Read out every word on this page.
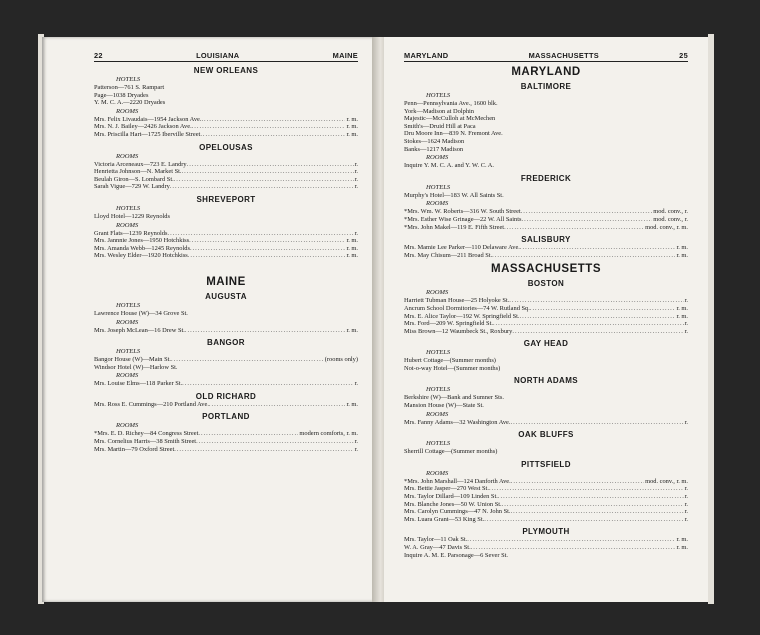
22	LOUISIANA	MAINE
NEW ORLEANS
HOTELS
Patterson—761 S. Rampart
Page—1038 Dryades
Y. M. C. A.—2220 Dryades
ROOMS
Mrs. Felix Livaudais—1954 Jackson Ave. .....	r. m.
Mrs. N. J. Bailey—2426 Jackson Ave. .....	r. m.
Mrs. Priscilla Hart—1725 Iberville Street .....	r. m.
OPELOUSAS
ROOMS
Victoria Arceneaux—723 E. Landry .....	r.
Henrietta Johnson—N. Market St. .....	r.
Beulah Giron—S. Lombard St. .....	r.
Sarah Vigue—729 W. Landry .....	r.
SHREVEPORT
HOTELS
Lloyd Hotel—1229 Reynolds
ROOMS
Grant Flats—1239 Reynolds .....	r.
Mrs. Jannnie Jones—1950 Hotchkiss .....	r. m.
Mrs. Amanda Webb—1245 Reynolds .....	r. m.
Mrs. Wesley Elder—1920 Hotchkiss .....	r. m.
MAINE
AUGUSTA
HOTELS
Lawrence House (W)—34 Grove St.
ROOMS
Mrs. Joseph McLean—16 Drew St. .....	r. m.
BANGOR
HOTELS
Bangor House (W)—Main St. .....	(rooms only)
Windsor Hotel (W)—Harlow St.
ROOMS
Mrs. Louise Elms—118 Parker St. .....	r.
OLD RICHARD
Mrs. Ross E. Cummings—210 Portland Ave. .....	r. m.
PORTLAND
ROOMS
*Mrs. E. D. Richey—84 Congress Street .....	modern comforts, r. m.
Mrs. Cornelius Harris—38 Smith Street .....	r.
Mrs. Martin—79 Oxford Street .....	r.
MARYLAND	MASSACHUSETTS	25
MARYLAND
BALTIMORE
HOTELS
Penn—Pennsylvania Ave., 1600 blk.
York—Madison at Dolphin
Majestic—McCulloh at McMechen
Smith's—Druid Hill at Paca
Dru Moore Inn—839 N. Fremont Ave.
Stokes—1624 Madison
Banks—1217 Madison
ROOMS
Inquire Y. M. C. A. and Y. W. C. A.
FREDERICK
HOTELS
Murphy's Hotel—183 W. All Saints St.
ROOMS
*Mrs. Wm. W. Roberts—316 W. South Street .....	mod. conv., r.
*Mrs. Esther Wise Grinage—22 W. All Saints .....	mod. conv., r.
*Mrs. John Makel—119 E. Fifth Street .....	mod. conv., r. m.
SALISBURY
Mrs. Mamie Lee Parker—110 Delaware Ave. .....	r. m.
Mrs. May Chisum—211 Broad St. .....	r. m.
MASSACHUSETTS
BOSTON
ROOMS
Harriett Tubman House—25 Holyoke St. .....	r.
Ancrum School Dormitories—74 W. Rutland Sq. .....	r. m.
Mrs. E. Alice Taylor—192 W. Springfield St. .....	r. m.
Mrs. Ford—209 W. Springfield St. .....	r.
Miss Brown—12 Waumbeck St., Roxbury .....	r.
GAY HEAD
HOTELS
Hubert Cottage—(Summer months)
Not-o-way Hotel—(Summer months)
NORTH ADAMS
HOTELS
Berkshire (W)—Bank and Sumner Sts.
Mansion House (W)—State St.
ROOMS
Mrs. Fanny Adams—32 Washington Ave. .....	r.
OAK BLUFFS
HOTELS
Sherrill Cottage—(Summer months)
PITTSFIELD
ROOMS
*Mrs. John Marshall—124 Danforth Ave. .....	mod. conv., r. m.
Mrs. Bettie Jasper—270 West St. .....	r.
Mrs. Taylor Dillard—109 Linden St. .....	r.
Mrs. Blanche Jones—50 W. Union St. .....	r.
Mrs. Carolyn Cummings—47 N. John St. .....	r.
Mrs. Luara Grant—53 King St. .....	r.
PLYMOUTH
Mrs. Taylor—11 Oak St. .....	r. m.
W. A. Gray—47 Davis St. .....	r. m.
Inquire A. M. E. Parsonage—6 Sever St.
